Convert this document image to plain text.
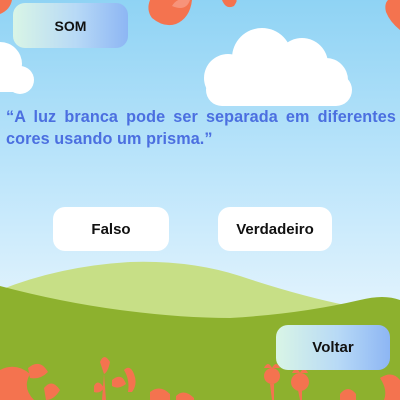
SOM
“A luz branca pode ser separada em diferentes cores usando um prisma.”
Falso	Verdadeiro
Voltar
